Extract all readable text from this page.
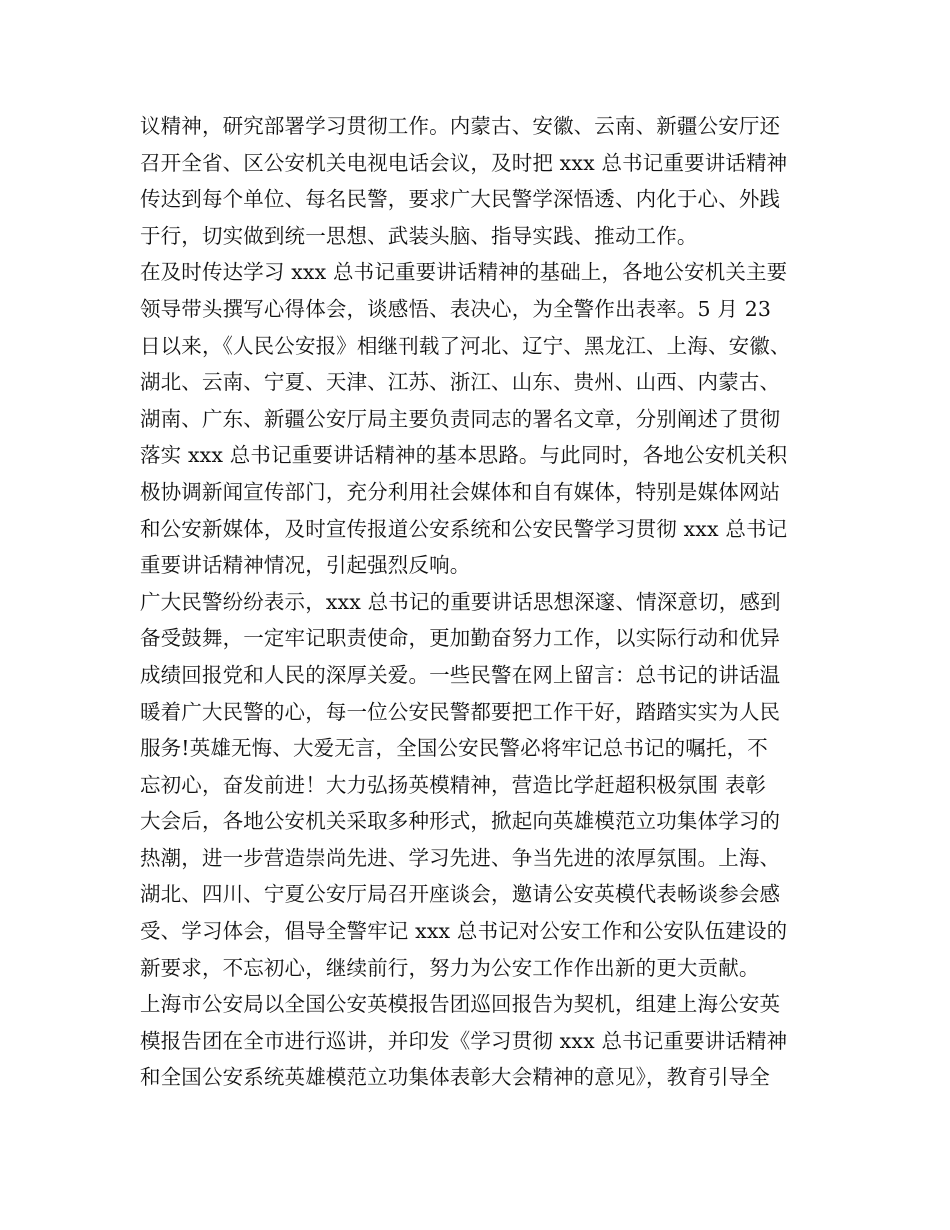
议精神，研究部署学习贯彻工作。内蒙古、安徽、云南、新疆公安厅还
召开全省、区公安机关电视电话会议，及时把 xxx 总书记重要讲话精神
传达到每个单位、每名民警，要求广大民警学深悟透、内化于心、外践
于行，切实做到统一思想、武装头脑、指导实践、推动工作。
在及时传达学习 xxx 总书记重要讲话精神的基础上，各地公安机关主要
领导带头撰写心得体会，谈感悟、表决心，为全警作出表率。5 月 23
日以来，《人民公安报》相继刊载了河北、辽宁、黑龙江、上海、安徽、
湖北、云南、宁夏、天津、江苏、浙江、山东、贵州、山西、内蒙古、
湖南、广东、新疆公安厅局主要负责同志的署名文章，分别阐述了贯彻
落实 xxx 总书记重要讲话精神的基本思路。与此同时，各地公安机关积
极协调新闻宣传部门，充分利用社会媒体和自有媒体，特别是媒体网站
和公安新媒体，及时宣传报道公安系统和公安民警学习贯彻 xxx 总书记
重要讲话精神情况，引起强烈反响。
广大民警纷纷表示，xxx 总书记的重要讲话思想深邃、情深意切，感到
备受鼓舞，一定牢记职责使命，更加勤奋努力工作，以实际行动和优异
成绩回报党和人民的深厚关爱。一些民警在网上留言：总书记的讲话温
暖着广大民警的心，每一位公安民警都要把工作干好，踏踏实实为人民
服务!英雄无悔、大爱无言，全国公安民警必将牢记总书记的嘱托，不
忘初心，奋发前进！大力弘扬英模精神，营造比学赶超积极氛围 表彰
大会后，各地公安机关采取多种形式，掀起向英雄模范立功集体学习的
热潮，进一步营造崇尚先进、学习先进、争当先进的浓厚氛围。上海、
湖北、四川、宁夏公安厅局召开座谈会，邀请公安英模代表畅谈参会感
受、学习体会，倡导全警牢记 xxx 总书记对公安工作和公安队伍建设的
新要求，不忘初心，继续前行，努力为公安工作作出新的更大贡献。
上海市公安局以全国公安英模报告团巡回报告为契机，组建上海公安英
模报告团在全市进行巡讲，并印发《学习贯彻 xxx 总书记重要讲话精神
和全国公安系统英雄模范立功集体表彰大会精神的意见》，教育引导全
